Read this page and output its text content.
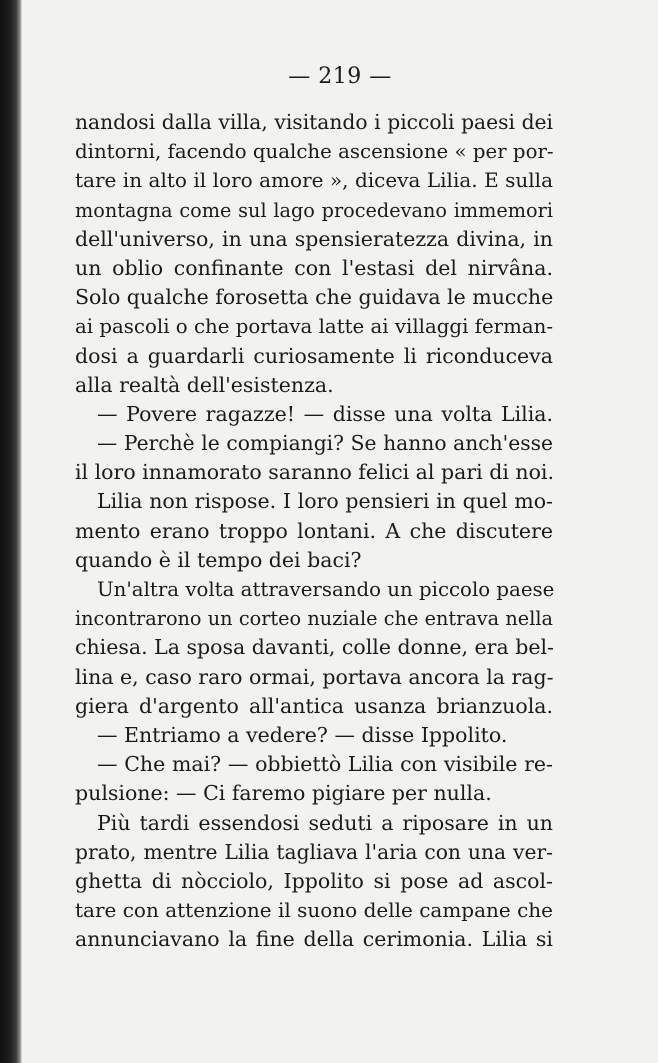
— 219 —

nandosi dalla villa, visitando i piccoli paesi dei

dintorni, facendo qualche ascensione « per por-

tare in alto il loro amore », diceva Lilia. E sulla

montagna come sul lago procedevano immemori

dell'universo, in una spensieratezza divina, in

un oblio confinante con l'estasi del nirvâna.

Solo qualche forosetta che guidava le mucche

ai pascoli o che portava latte ai villaggi ferman-

dosi a guardarli curiosamente li riconduceva

alla realtà dell'esistenza.

— Povere ragazze! — disse una volta Lilia.

— Perchè le compiangi? Se hanno anch'esse

il loro innamorato saranno felici al pari di noi.

Lilia non rispose. I loro pensieri in quel mo-

mento erano troppo lontani. A che discutere

quando è il tempo dei baci?

Un'altra volta attraversando un piccolo paese

incontrarono un corteo nuziale che entrava nella

chiesa. La sposa davanti, colle donne, era bel-

lina e, caso raro ormai, portava ancora la rag-

giera d'argento all'antica usanza brianzuola.

— Entriamo a vedere? — disse Ippolito.

— Che mai? — obbiettò Lilia con visibile re-

pulsione: — Ci faremo pigiare per nulla.

Più tardi essendosi seduti a riposare in un

prato, mentre Lilia tagliava l'aria con una ver-

ghetta di nòcciolo, Ippolito si pose ad ascol-

tare con attenzione il suono delle campane che

annunciavano la fine della cerimonia. Lilia si
